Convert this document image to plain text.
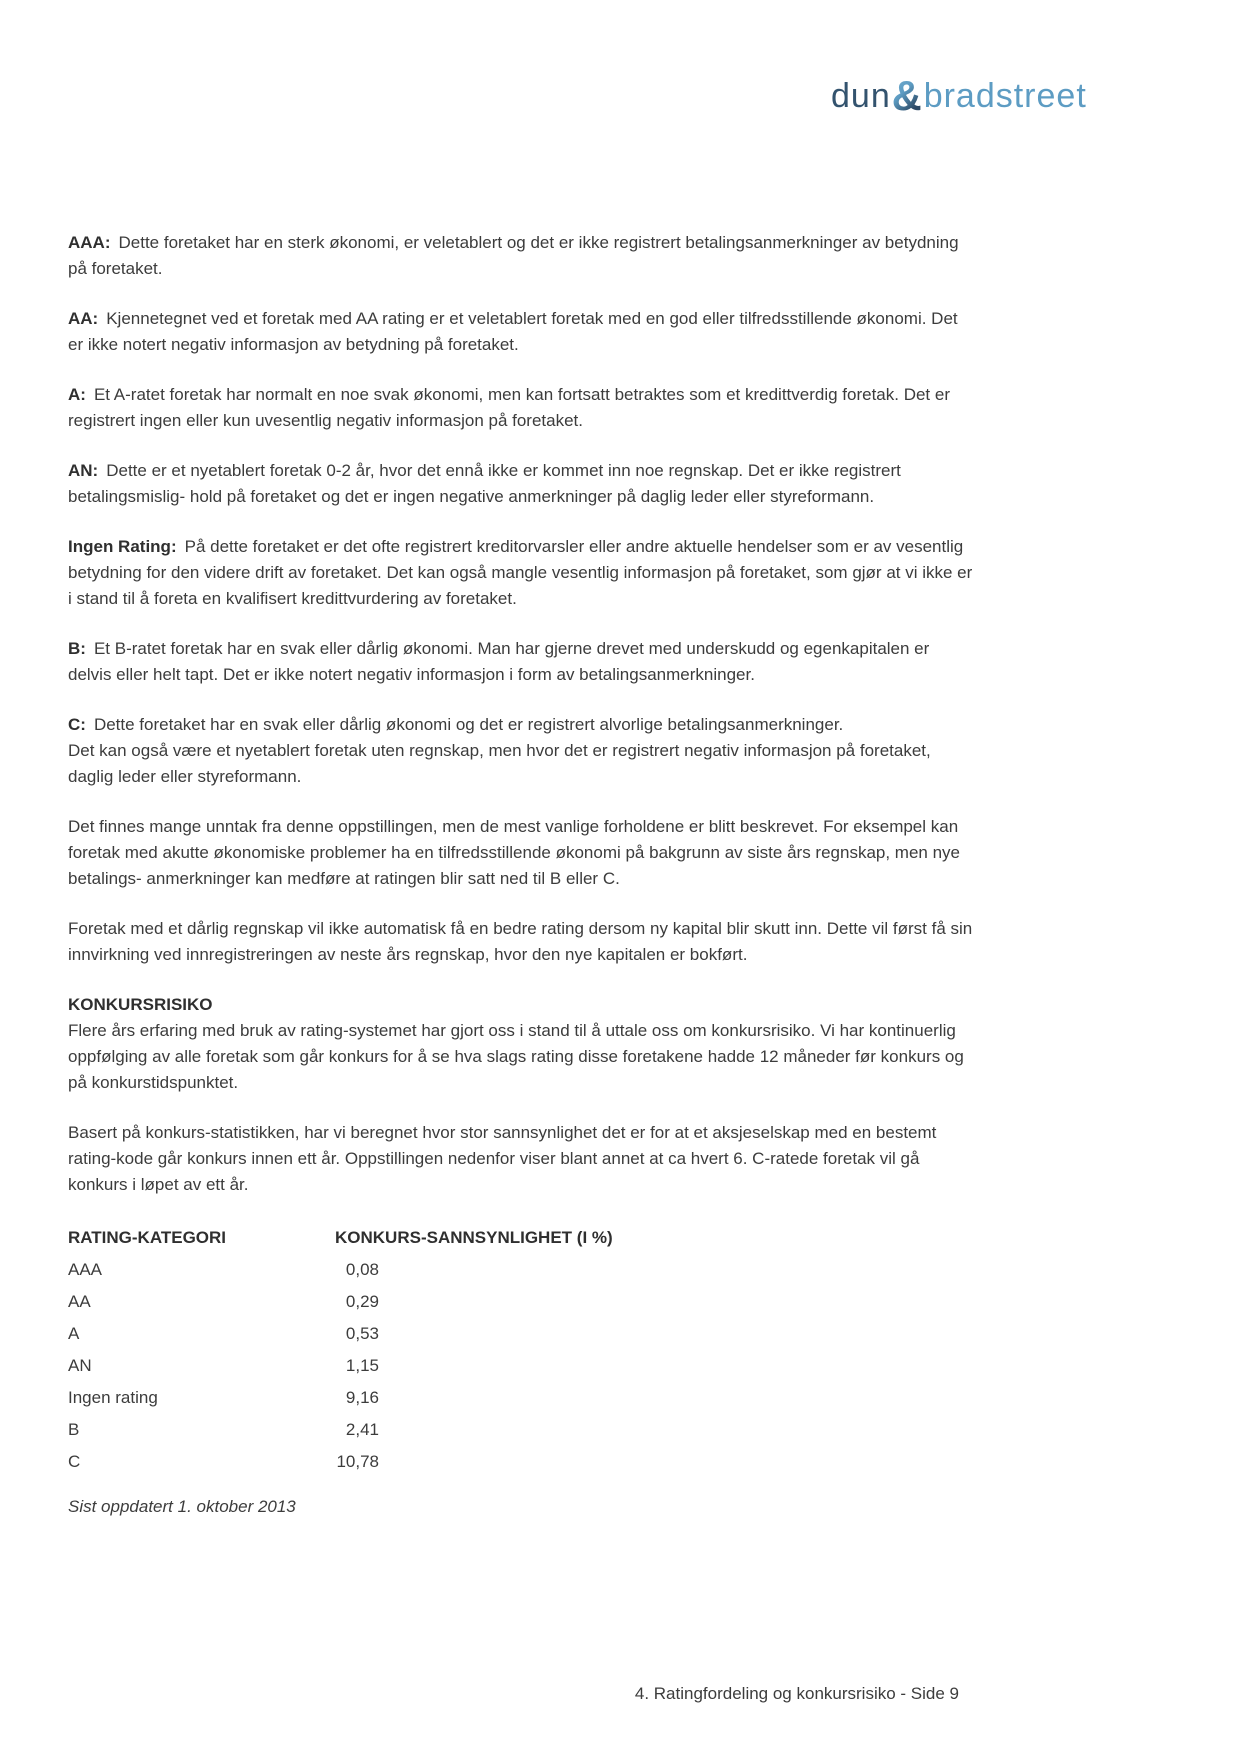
dun&bradstreet

AAA: Dette foretaket har en sterk økonomi, er veletablert og det er ikke registrert betalingsanmerkninger av betydning på foretaket.

AA: Kjennetegnet ved et foretak med AA rating er et veletablert foretak med en god eller tilfredsstillende økonomi. Det er ikke notert negativ informasjon av betydning på foretaket.

A: Et A-ratet foretak har normalt en noe svak økonomi, men kan fortsatt betraktes som et kredittverdig foretak. Det er registrert ingen eller kun uvesentlig negativ informasjon på foretaket.

AN: Dette er et nyetablert foretak 0-2 år, hvor det ennå ikke er kommet inn noe regnskap. Det er ikke registrert betalingsmislig- hold på foretaket og det er ingen negative anmerkninger på daglig leder eller styreformann.

Ingen Rating: På dette foretaket er det ofte registrert kreditorvarsler eller andre aktuelle hendelser som er av vesentlig betydning for den videre drift av foretaket. Det kan også mangle vesentlig informasjon på foretaket, som gjør at vi ikke er i stand til å foreta en kvalifisert kredittvurdering av foretaket.

B: Et B-ratet foretak har en svak eller dårlig økonomi. Man har gjerne drevet med underskudd og egenkapitalen er delvis eller helt tapt. Det er ikke notert negativ informasjon i form av betalingsanmerkninger.

C: Dette foretaket har en svak eller dårlig økonomi og det er registrert alvorlige betalingsanmerkninger.
Det kan også være et nyetablert foretak uten regnskap, men hvor det er registrert negativ informasjon på foretaket, daglig leder eller styreformann.

Det finnes mange unntak fra denne oppstillingen, men de mest vanlige forholdene er blitt beskrevet. For eksempel kan foretak med akutte økonomiske problemer ha en tilfredsstillende økonomi på bakgrunn av siste års regnskap, men nye betalings- anmerkninger kan medføre at ratingen blir satt ned til B eller C.

Foretak med et dårlig regnskap vil ikke automatisk få en bedre rating dersom ny kapital blir skutt inn. Dette vil først få sin innvirkning ved innregistreringen av neste års regnskap, hvor den nye kapitalen er bokført.

KONKURSRISIKO

Flere års erfaring med bruk av rating-systemet har gjort oss i stand til å uttale oss om konkursrisiko. Vi har kontinuerlig oppfølging av alle foretak som går konkurs for å se hva slags rating disse foretakene hadde 12 måneder før konkurs og på konkurstidspunktet.

Basert på konkurs-statistikken, har vi beregnet hvor stor sannsynlighet det er for at et aksjeselskap med en bestemt rating-kode går konkurs innen ett år. Oppstillingen nedenfor viser blant annet at ca hvert 6. C-ratede foretak vil gå konkurs i løpet av ett år.

RATING-KATEGORI	KONKURS-SANNSYNLIGHET (I %)
AAA	0,08
AA	0,29
A	0,53
AN	1,15
Ingen rating	9,16
B	2,41
C	10,78

Sist oppdatert 1. oktober 2013

4. Ratingfordeling og konkursrisiko - Side 9
